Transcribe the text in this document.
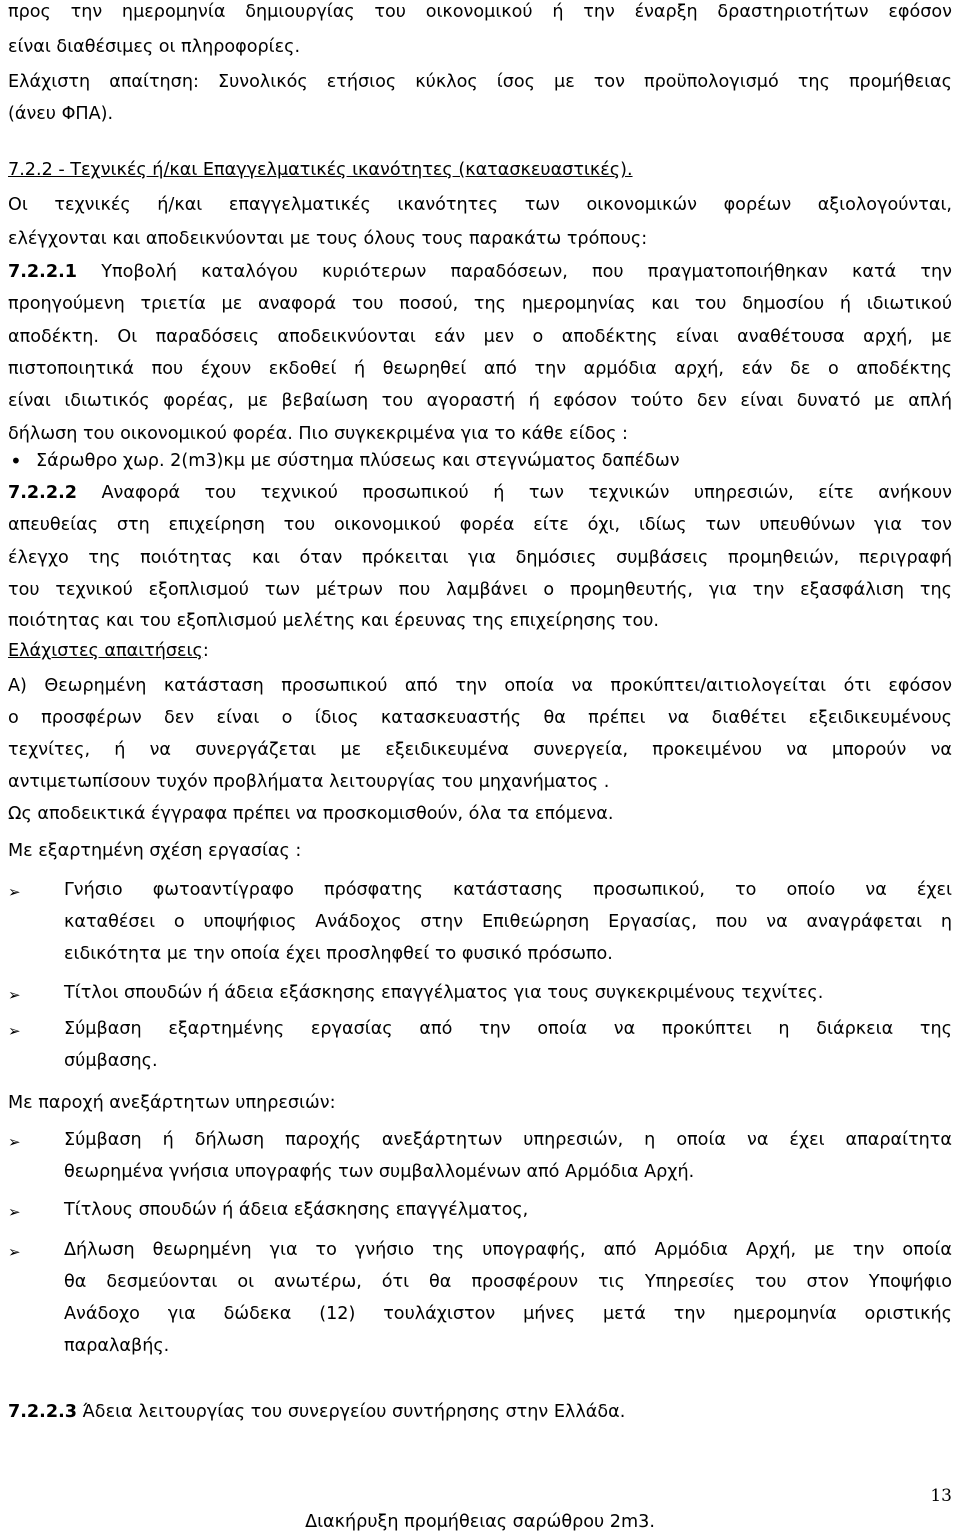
προς την ημερομηνία δημιουργίας του οικονομικού ή την έναρξη δραστηριοτήτων εφόσον
είναι διαθέσιμες οι πληροφορίες.
Ελάχιστη απαίτηση: Συνολικός ετήσιος κύκλος ίσος με τον προϋπολογισμό της προμήθειας
(άνευ ΦΠΑ).
7.2.2 - Τεχνικές ή/και Επαγγελματικές ικανότητες (κατασκευαστικές).
Οι τεχνικές ή/και επαγγελματικές ικανότητες των οικονομικών φορέων αξιολογούνται,
ελέγχονται και αποδεικνύονται με τους όλους τους παρακάτω τρόπους:
7.2.2.1 Υποβολή καταλόγου κυριότερων παραδόσεων, που πραγματοποιήθηκαν κατά την
προηγούμενη τριετία με αναφορά του ποσού, της ημερομηνίας και του δημοσίου ή ιδιωτικού
αποδέκτη. Οι παραδόσεις αποδεικνύονται εάν μεν ο αποδέκτης είναι αναθέτουσα αρχή, με
πιστοποιητικά που έχουν εκδοθεί ή θεωρηθεί από την αρμόδια αρχή, εάν δε ο αποδέκτης
είναι ιδιωτικός φορέας, με βεβαίωση του αγοραστή ή εφόσον τούτο δεν είναι δυνατό με απλή
δήλωση του οικονομικού φορέα. Πιο συγκεκριμένα για το κάθε είδος :
• Σάρωθρο χωρ. 2(m3)κμ με σύστημα πλύσεως και στεγνώματος δαπέδων
7.2.2.2 Αναφορά του τεχνικού προσωπικού ή των τεχνικών υπηρεσιών, είτε ανήκουν
απευθείας στη επιχείρηση του οικονομικού φορέα είτε όχι, ιδίως των υπευθύνων για τον
έλεγχο της ποιότητας και όταν πρόκειται για δημόσιες συμβάσεις προμηθειών, περιγραφή
του τεχνικού εξοπλισμού των μέτρων που λαμβάνει ο προμηθευτής, για την εξασφάλιση της
ποιότητας και του εξοπλισμού μελέτης και έρευνας της επιχείρησης του.
Ελάχιστες απαιτήσεις:
Α) Θεωρημένη κατάσταση προσωπικού από την οποία να προκύπτει/αιτιολογείται ότι εφόσον
ο προσφέρων δεν είναι ο ίδιος κατασκευαστής θα πρέπει να διαθέτει εξειδικευμένους
τεχνίτες, ή να συνεργάζεται με εξειδικευμένα συνεργεία, προκειμένου να μπορούν να
αντιμετωπίσουν τυχόν προβλήματα λειτουργίας του μηχανήματος .
Ως αποδεικτικά έγγραφα πρέπει να προσκομισθούν, όλα τα επόμενα.
Με εξαρτημένη σχέση εργασίας :
➢ Γνήσιο φωτοαντίγραφο πρόσφατης κατάστασης προσωπικού, το οποίο να έχει
καταθέσει ο υποψήφιος Ανάδοχος στην Επιθεώρηση Εργασίας, που να αναγράφεται η
ειδικότητα με την οποία έχει προσληφθεί το φυσικό πρόσωπο.
➢ Τίτλοι σπουδών ή άδεια εξάσκησης επαγγέλματος για τους συγκεκριμένους τεχνίτες.
➢ Σύμβαση εξαρτημένης εργασίας από την οποία να προκύπτει η διάρκεια της
σύμβασης.
Με παροχή ανεξάρτητων υπηρεσιών:
➢ Σύμβαση ή δήλωση παροχής ανεξάρτητων υπηρεσιών, η οποία να έχει απαραίτητα
θεωρημένα γνήσια υπογραφής των συμβαλλομένων από Αρμόδια Αρχή.
➢ Τίτλους σπουδών ή άδεια εξάσκησης επαγγέλματος,
➢ Δήλωση θεωρημένη για το γνήσιο της υπογραφής, από Αρμόδια Αρχή, με την οποία
θα δεσμεύονται οι ανωτέρω, ότι θα προσφέρουν τις Υπηρεσίες του στον Υποψήφιο
Ανάδοχο για δώδεκα (12) τουλάχιστον μήνες μετά την ημερομηνία οριστικής
παραλαβής.
7.2.2.3 Άδεια λειτουργίας του συνεργείου συντήρησης στην Ελλάδα.
13
Διακήρυξη προμήθειας σαρώθρου 2m3.
